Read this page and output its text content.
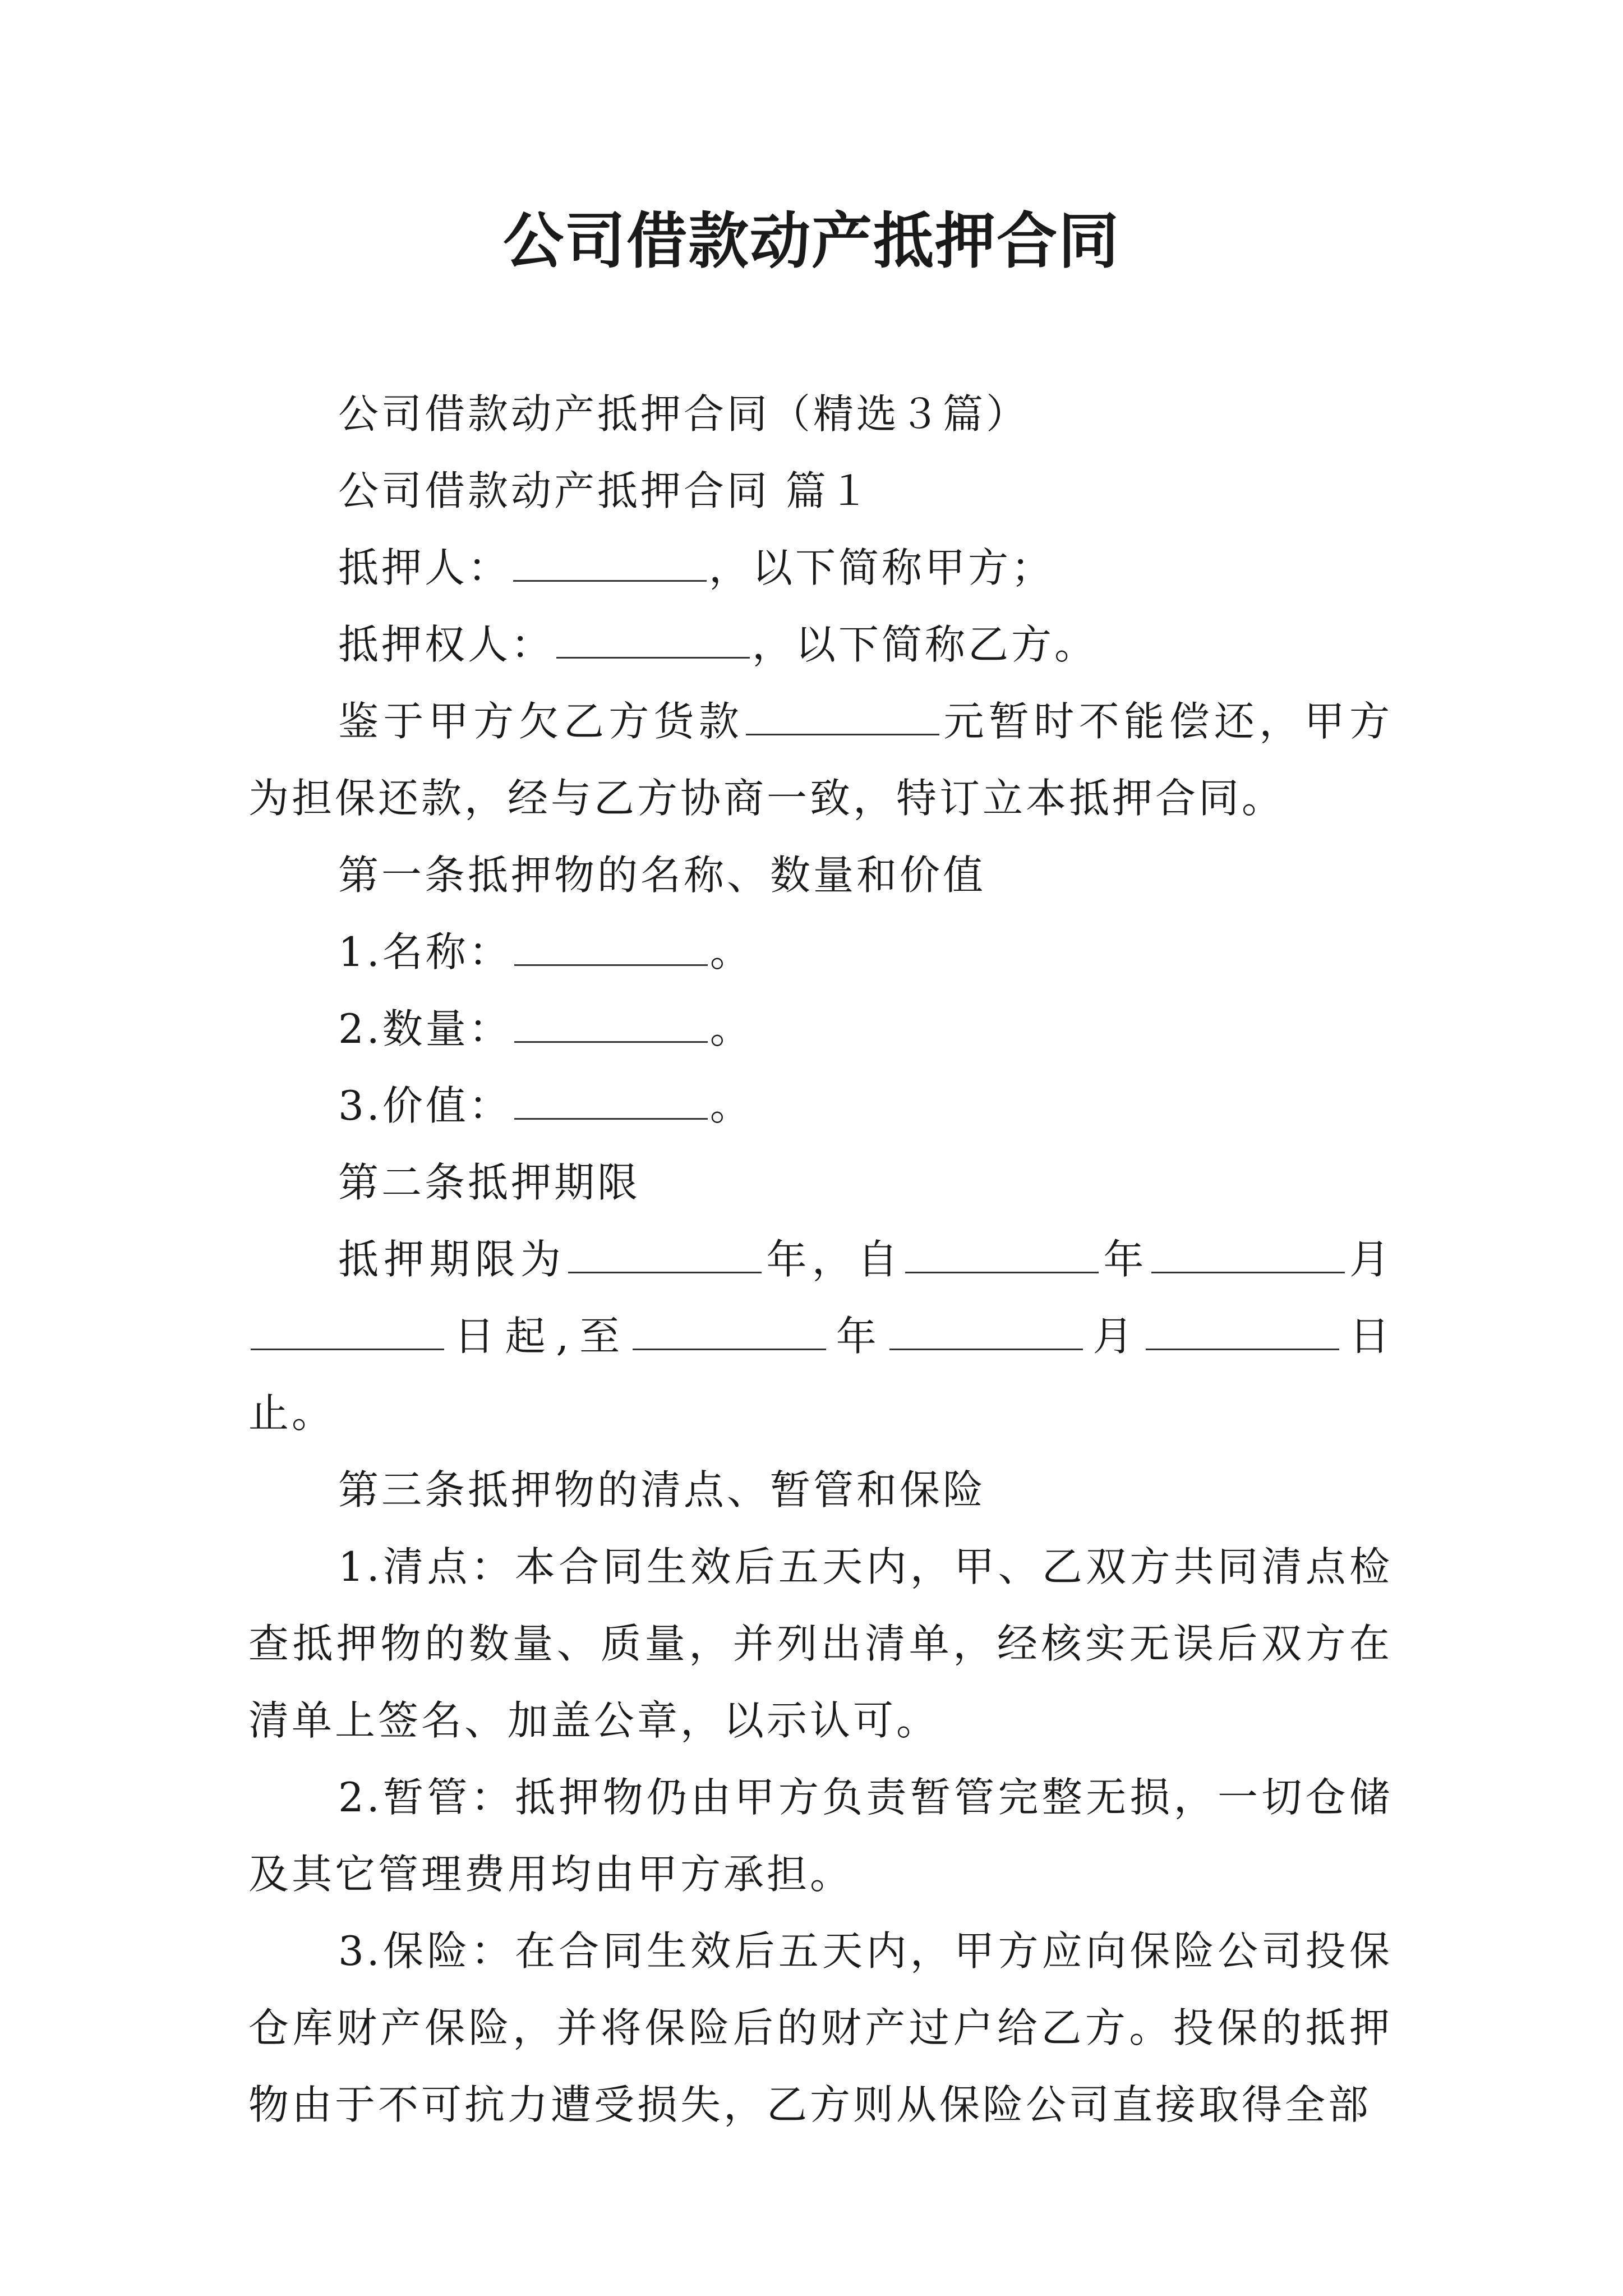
公司借款动产抵押合同

公司借款动产抵押合同（精选３篇）

公司借款动产抵押合同 篇１

抵押人：	，以下简称甲方；

抵押权人：	，以下简称乙方。

鉴于甲方欠乙方货款	元暂时不能偿还，甲方为担保还款，经与乙方协商一致，特订立本抵押合同。

第一条抵押物的名称、数量和价值

1.名称：	。

2.数量：	。

3.价值：	。

第二条抵押期限

抵押期限为	年，自	年	月日起,至	年	月	日止。

第三条抵押物的清点、暂管和保险

1.清点：本合同生效后五天内，甲、乙双方共同清点检查抵押物的数量、质量，并列出清单，经核实无误后双方在清单上签名、加盖公章，以示认可。

2.暂管：抵押物仍由甲方负责暂管完整无损，一切仓储及其它管理费用均由甲方承担。

3.保险：在合同生效后五天内，甲方应向保险公司投保仓库财产保险，并将保险后的财产过户给乙方。投保的抵押物由于不可抗力遭受损失，乙方则从保险公司直接取得全部
